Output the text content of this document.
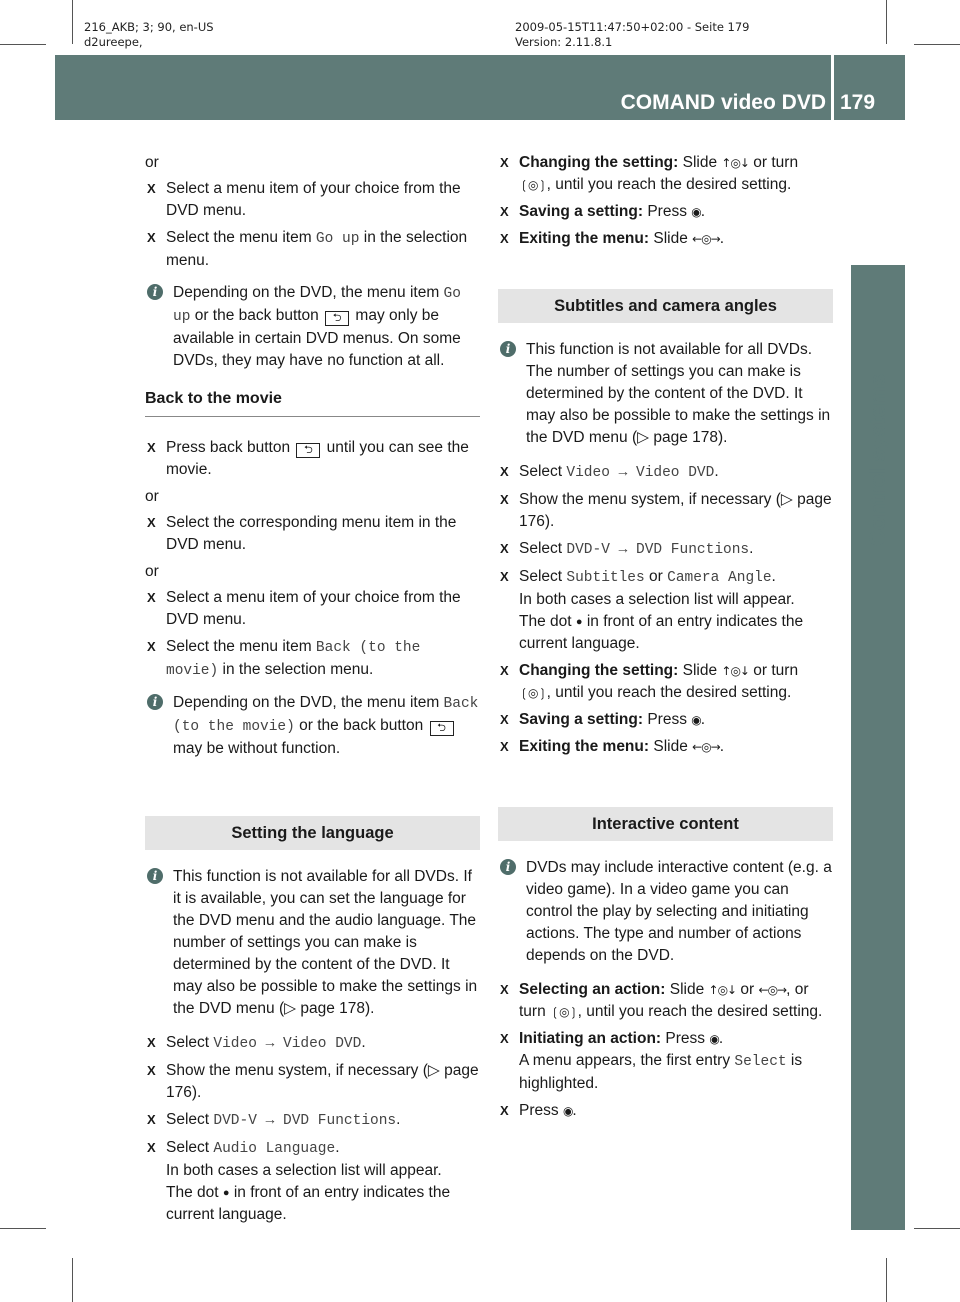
216_AKB; 3; 90, en-US
d2ureepe,
2009-05-15T11:47:50+02:00 - Seite 179
Version: 2.11.8.1
COMAND video DVD 179
Control systems

or

X Select a menu item of your choice from the DVD menu.
X Select the menu item Go up in the selection menu.
i	Depending on the DVD, the menu item Go up or the back button ⮌ may only be available in certain DVD menus. On some DVDs, they may have no function at all.
Back to the movie
X Press back button ⮌ until you can see the movie.

or

X Select the corresponding menu item in the DVD menu.

or

X Select a menu item of your choice from the DVD menu.
X Select the menu item Back (to the movie) in the selection menu.
i	Depending on the DVD, the menu item Back (to the movie) or the back button ⮌ may be without function.
Setting the language
i	This function is not available for all DVDs. If it is available, you can set the language for the DVD menu and the audio language. The number of settings you can make is determined by the content of the DVD. It may also be possible to make the settings in the DVD menu (▷ page 178).
X Select Video → Video DVD.
X Show the menu system, if necessary (▷ page 176).
X Select DVD-V → DVD Functions.
X Select Audio Language.
In both cases a selection list will appear.
The dot ● in front of an entry indicates the current language.
X Changing the setting: Slide ↑◎↓ or turn ❲◎❳, until you reach the desired setting.
X Saving a setting: Press ◉.
X Exiting the menu: Slide ←◎→.
Subtitles and camera angles
i	This function is not available for all DVDs. The number of settings you can make is determined by the content of the DVD. It may also be possible to make the settings in the DVD menu (▷ page 178).
X Select Video → Video DVD.
X Show the menu system, if necessary (▷ page 176).
X Select DVD-V → DVD Functions.
X Select Subtitles or Camera Angle.
In both cases a selection list will appear.
The dot ● in front of an entry indicates the current language.
X Changing the setting: Slide ↑◎↓ or turn ❲◎❳, until you reach the desired setting.
X Saving a setting: Press ◉.
X Exiting the menu: Slide ←◎→.
Interactive content
i	DVDs may include interactive content (e.g. a video game). In a video game you can control the play by selecting and initiating actions. The type and number of actions depends on the DVD.
X Selecting an action: Slide ↑◎↓ or ←◎→, or turn ❲◎❳, until you reach the desired setting.
X Initiating an action: Press ◉.
A menu appears, the first entry Select is highlighted.
X Press ◉.
